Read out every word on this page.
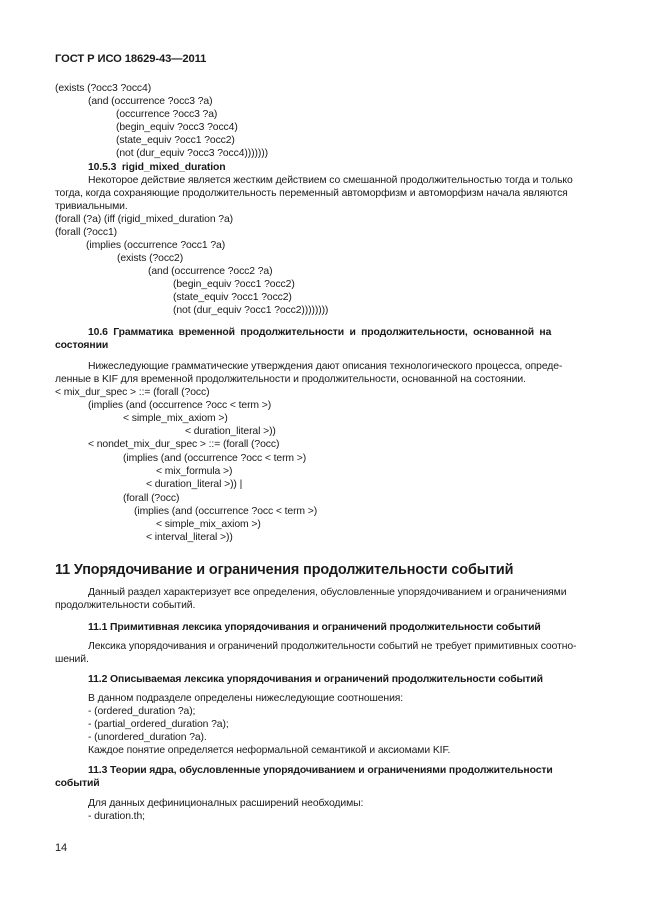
ГОСТ Р ИСО 18629-43—2011
(exists (?occ3 ?occ4)
(and (occurrence ?occ3 ?a)
(occurrence ?occ3 ?a)
(begin_equiv ?occ3 ?occ4)
(state_equiv ?occ1 ?occ2)
(not (dur_equiv ?occ3 ?occ4)))))))
10.5.3  rigid_mixed_duration
Некоторое действие является жестким действием со смешанной продолжительностью тогда и только
тогда, когда сохраняющие продолжительность переменный автоморфизм и автоморфизм начала являются
тривиальными.
(forall (?a) (iff (rigid_mixed_duration ?a)
(forall (?occ1)
(implies (occurrence ?occ1 ?a)
(exists (?occ2)
(and (occurrence ?occ2 ?a)
(begin_equiv ?occ1 ?occ2)
(state_equiv ?occ1 ?occ2)
(not (dur_equiv ?occ1 ?occ2))))))))
10.6 Грамматика временной продолжительности и продолжительности, основанной на
состоянии
Нижеследующие грамматические утверждения дают описания технологического процесса, опреде-
ленные в KIF для временной продолжительности и продолжительности, основанной на состоянии.
< mix_dur_spec > ::= (forall (?occ)
(implies (and (occurrence ?occ < term >)
< simple_mix_axiom >)
< duration_literal >))
< nondet_mix_dur_spec > ::= (forall (?occ)
(implies (and (occurrence ?occ < term >)
< mix_formula >)
< duration_literal >)) |
(forall (?occ)
(implies (and (occurrence ?occ < term >)
< simple_mix_axiom >)
< interval_literal >))
11 Упорядочивание и ограничения продолжительности событий
Данный раздел характеризует все определения, обусловленные упорядочиванием и ограничениями
продолжительности событий.
11.1 Примитивная лексика упорядочивания и ограничений продолжительности событий
Лексика упорядочивания и ограничений продолжительности событий не требует примитивных соотно-
шений.
11.2 Описываемая лексика упорядочивания и ограничений продолжительности событий
В данном подразделе определены нижеследующие соотношения:
- (ordered_duration ?a);
- (partial_ordered_duration ?a);
- (unordered_duration ?a).
Каждое понятие определяется неформальной семантикой и аксиомами KIF.
11.3 Теории ядра, обусловленные упорядочиванием и ограничениями продолжительности
событий
Для данных дефиниционалных расширений необходимы:
- duration.th;
14
